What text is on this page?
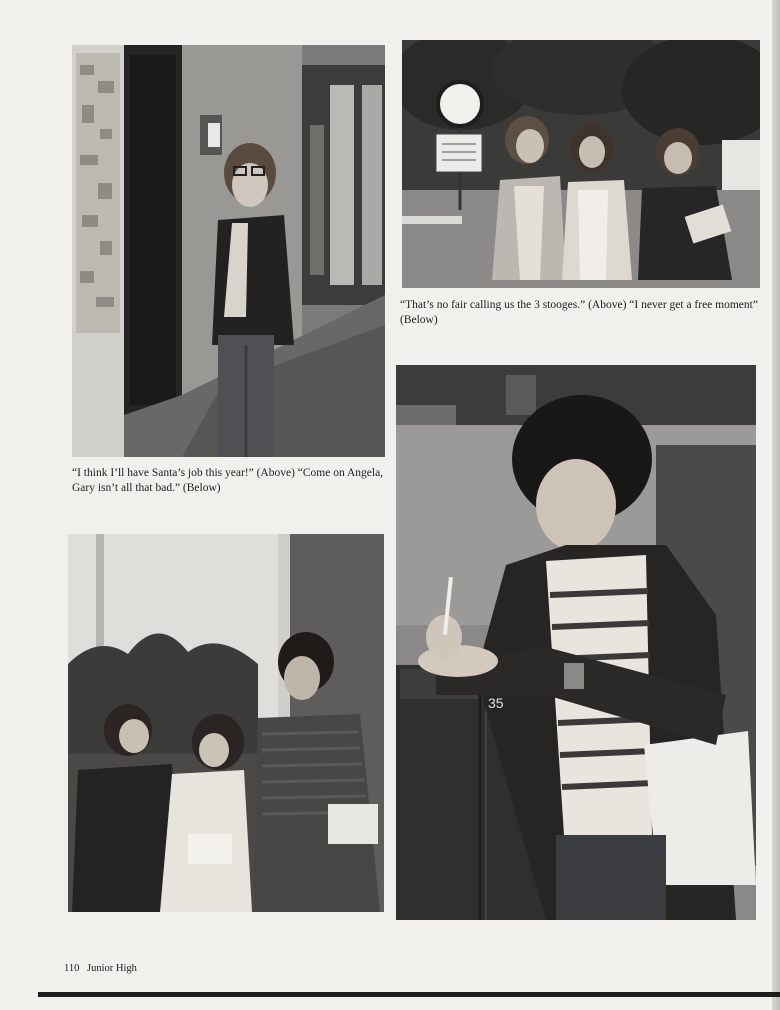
“I think I’ll have Santa’s job this year!” (Above) “Come on Angela, Gary isn’t all that bad.” (Below)
“That’s no fair calling us the 3 stooges.” (Above) “I never get a free moment” (Below)
35
110 Junior High
